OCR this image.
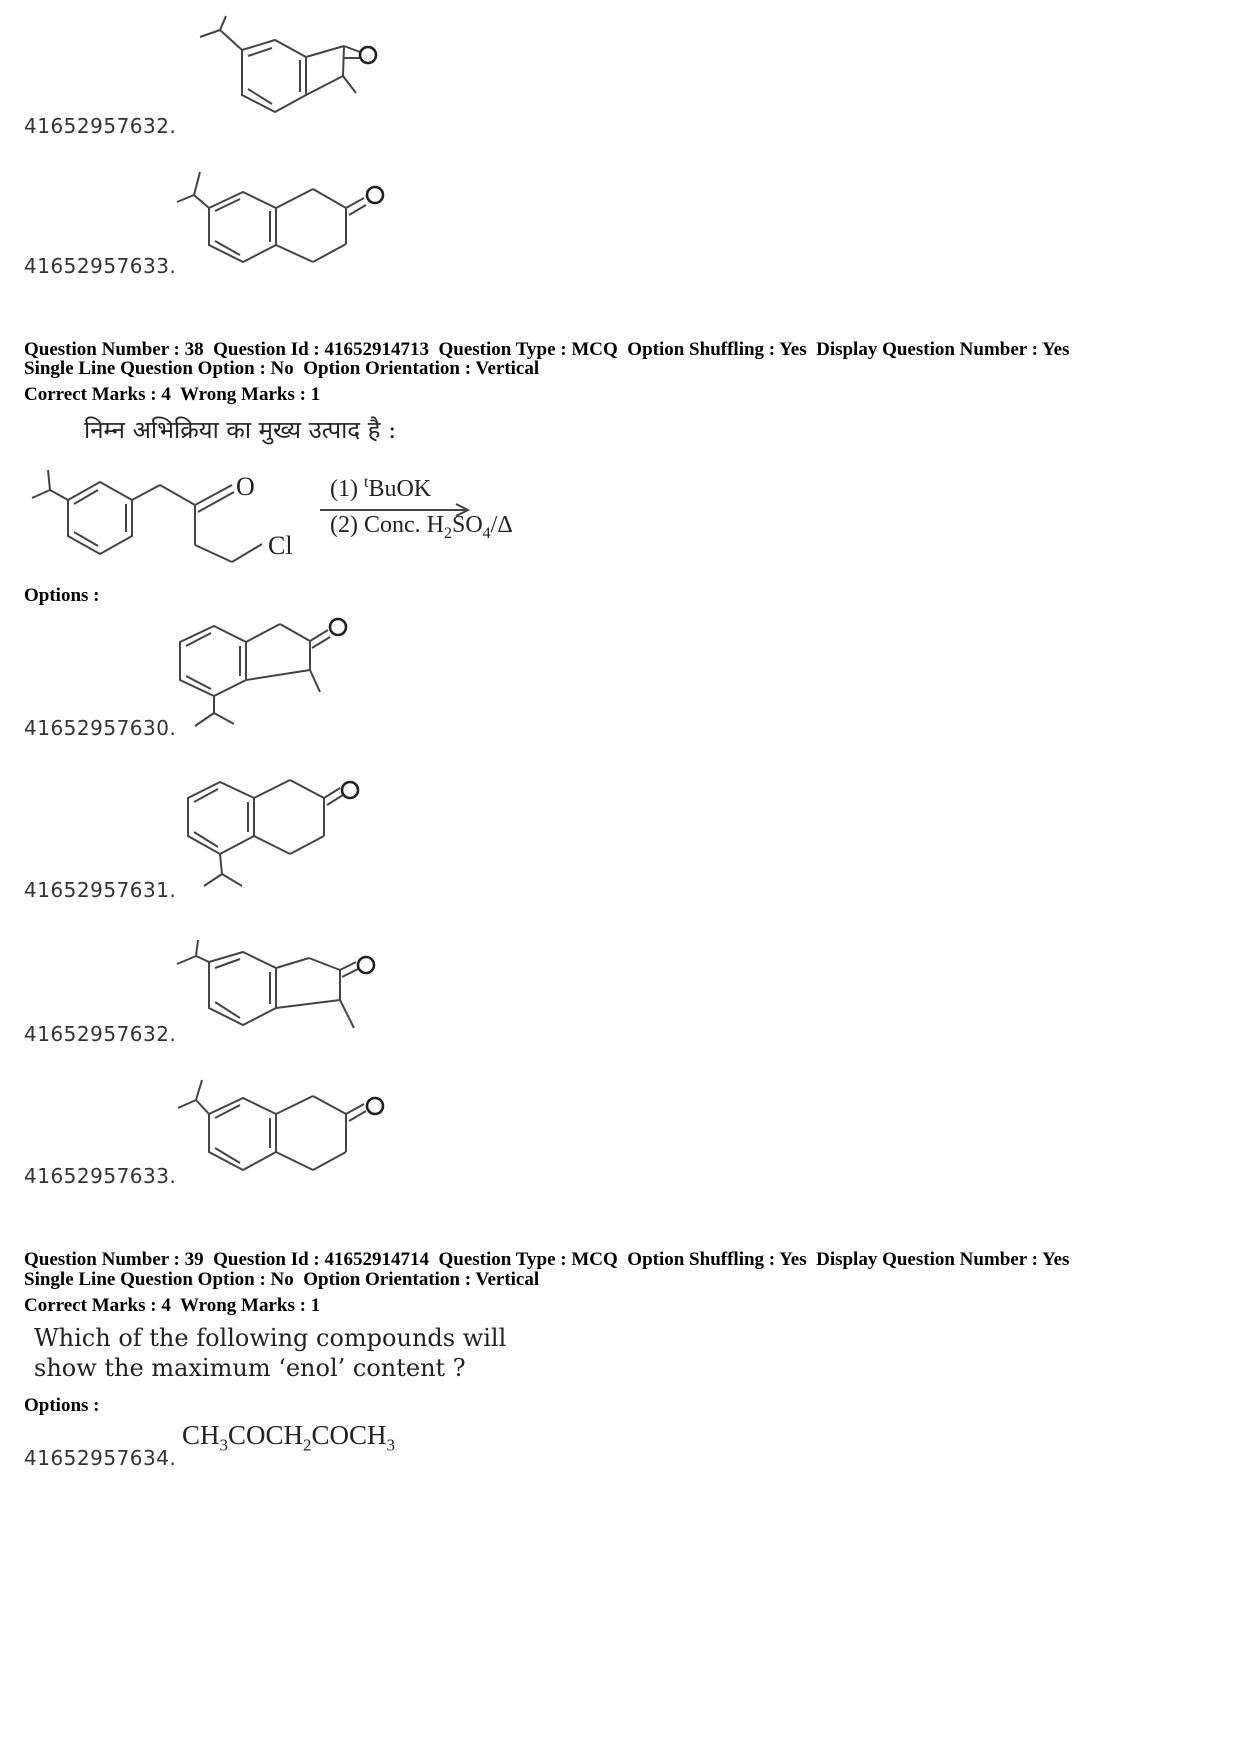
41652957632.
41652957633.
Question Number : 38  Question Id : 41652914713  Question Type : MCQ  Option Shuffling : Yes  Display Question Number : Yes
Single Line Question Option : No  Option Orientation : Vertical
Correct Marks : 4  Wrong Marks : 1
निम्न अभिक्रिया का मुख्य उत्पाद है :
O
Cl
(1) $^t$BuOK
(2) Conc. $H_2SO_4/\Delta$
Options :
41652957630.
41652957631.
41652957632.
41652957633.
Question Number : 39  Question Id : 41652914714  Question Type : MCQ  Option Shuffling : Yes  Display Question Number : Yes
Single Line Question Option : No  Option Orientation : Vertical
Correct Marks : 4  Wrong Marks : 1
Which of the following compounds will
show the maximum ‘enol’ content ?
Options :
41652957634.
$CH_3COCH_2COCH_3$
